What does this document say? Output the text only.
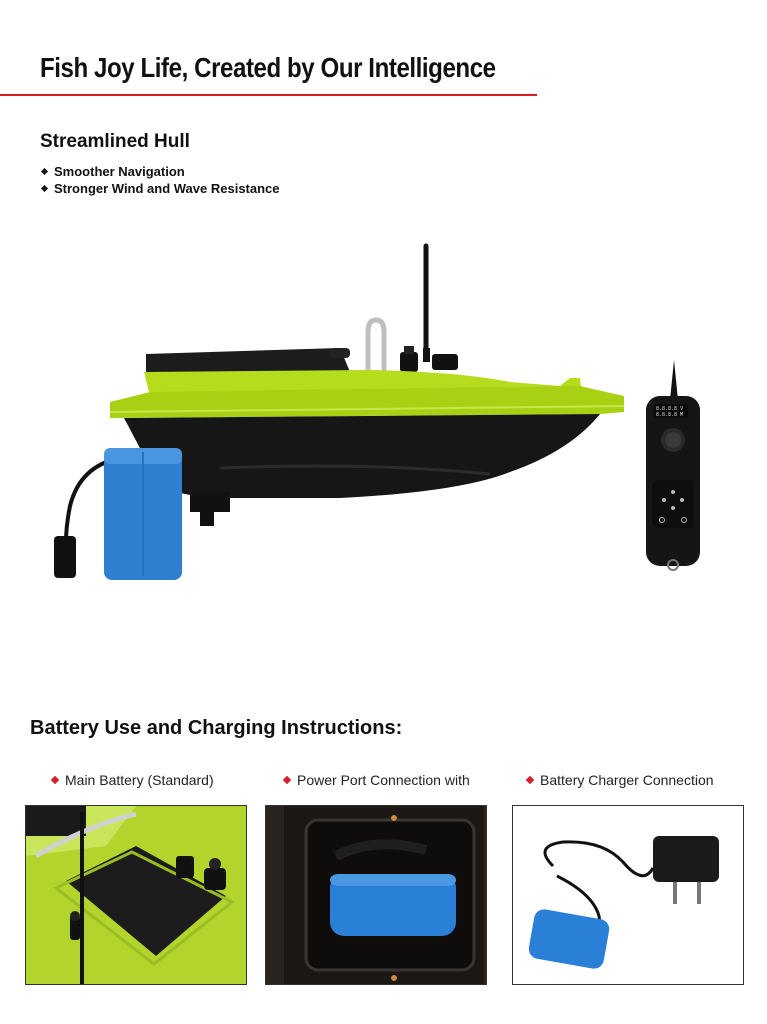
Fish Joy Life, Created by Our Intelligence
Streamlined Hull
Smoother Navigation
Stronger Wind and Wave Resistance
8.8.8.8 V
8.8.8.8 M
Battery Use and Charging Instructions:
Main Battery (Standard)	Power Port Connection with	Battery Charger Connection
